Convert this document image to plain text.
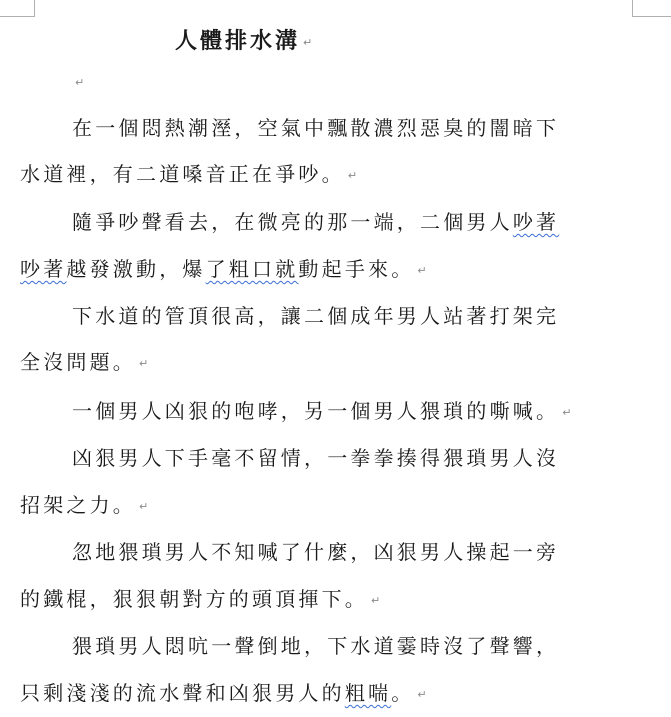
人體排水溝 ↵
↵
在一個悶熱潮溼，空氣中飄散濃烈惡臭的闇暗下
水道裡，有二道嗓音正在爭吵。 ↵
隨爭吵聲看去，在微亮的那一端，二個男人吵著
吵著越發激動，爆了粗口就動起手來。 ↵
下水道的管頂很高，讓二個成年男人站著打架完
全沒問題。 ↵
一個男人凶狠的咆哮，另一個男人猥瑣的嘶喊。 ↵
凶狠男人下手毫不留情，一拳拳揍得猥瑣男人沒
招架之力。 ↵
忽地猥瑣男人不知喊了什麼，凶狠男人操起一旁
的鐵棍，狠狠朝對方的頭頂揮下。 ↵
猥瑣男人悶吭一聲倒地，下水道霎時沒了聲響，
只剩淺淺的流水聲和凶狠男人的粗喘。 ↵
